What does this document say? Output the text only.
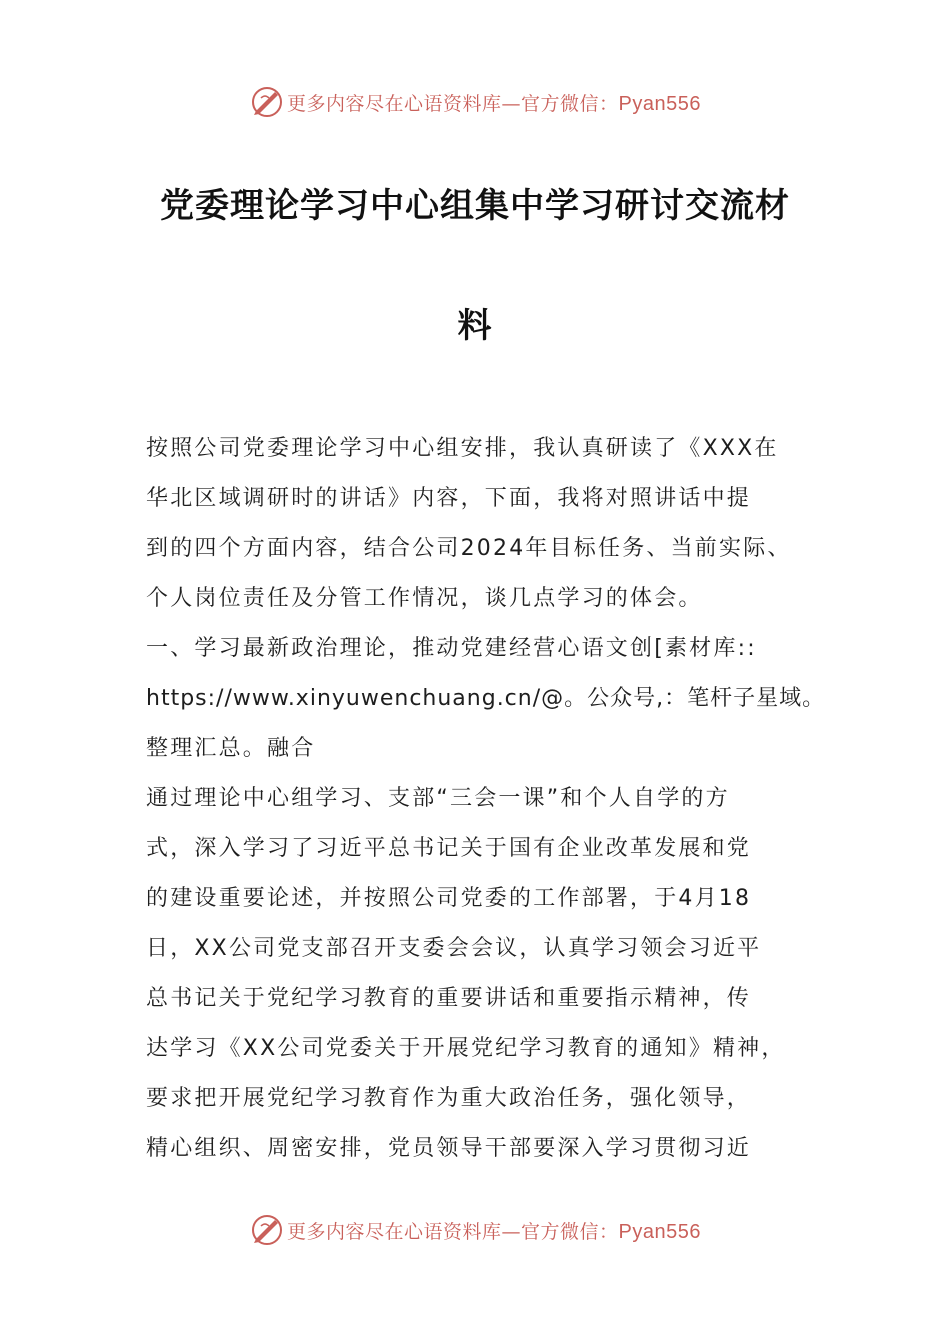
更多内容尽在心语资料库—官方微信：Pyan556
党委理论学习中心组集中学习研讨交流材
料
按照公司党委理论学习中心组安排，我认真研读了《XXX在
华北区域调研时的讲话》内容，下面，我将对照讲话中提
到的四个方面内容，结合公司2024年目标任务、当前实际、
个人岗位责任及分管工作情况，谈几点学习的体会。
一、学习最新政治理论，推动党建经营心语文创[素材库::
https://www.xinyuwenchuang.cn/@。公众号,：笔杆子星域。
整理汇总。融合
通过理论中心组学习、支部“三会一课”和个人自学的方
式，深入学习了习近平总书记关于国有企业改革发展和党
的建设重要论述，并按照公司党委的工作部署，于4月18
日，XX公司党支部召开支委会会议，认真学习领会习近平
总书记关于党纪学习教育的重要讲话和重要指示精神，传
达学习《XX公司党委关于开展党纪学习教育的通知》精神，
要求把开展党纪学习教育作为重大政治任务，强化领导，
精心组织、周密安排，党员领导干部要深入学习贯彻习近
更多内容尽在心语资料库—官方微信：Pyan556
